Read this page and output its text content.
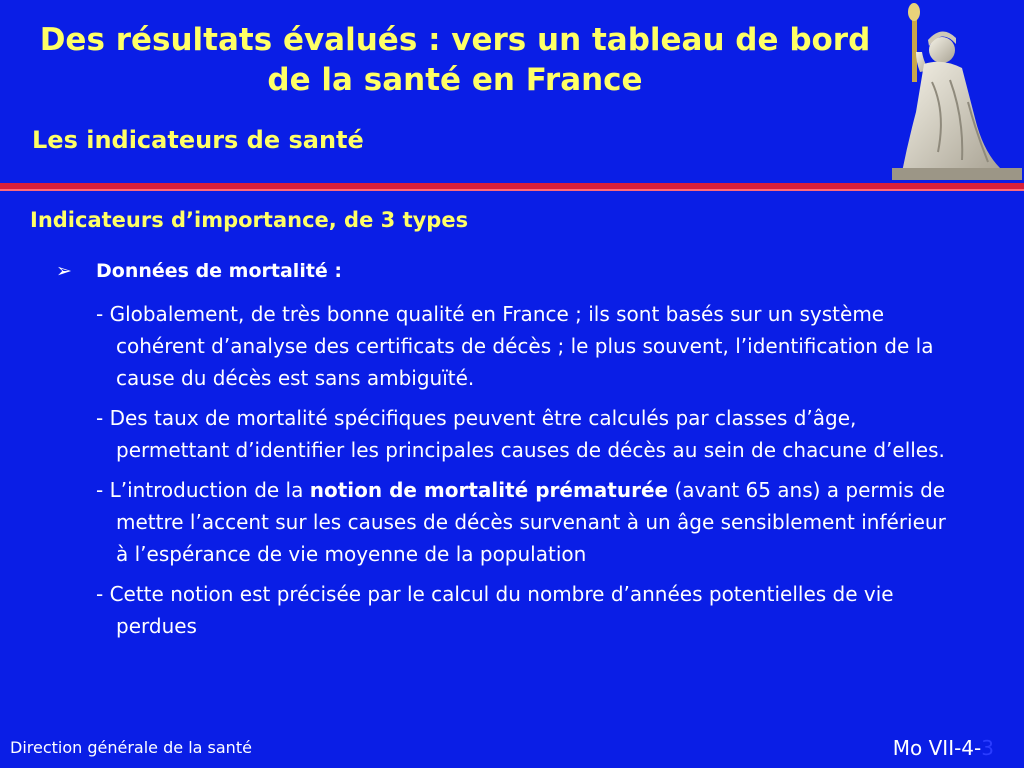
Des résultats évalués : vers un tableau de bord de la santé en France
Les indicateurs de santé
Indicateurs d’importance, de 3 types
➢ Données de mortalité :

- Globalement, de très bonne qualité en France ; ils sont basés sur un système cohérent d’analyse des certificats de décès ; le plus souvent, l’identification de la cause du décès est sans ambiguïté.

- Des taux de mortalité spécifiques peuvent être calculés par classes d’âge, permettant d’identifier les principales causes de décès au sein de chacune d’elles.

- L’introduction de la notion de mortalité prématurée (avant 65 ans) a permis de mettre l’accent sur les causes de décès survenant à un âge sensiblement inférieur à l’espérance de vie moyenne de la population

- Cette notion est précisée par le calcul du nombre d’années potentielles de vie perdues

Direction générale de la santé	Mo VII-4-3
